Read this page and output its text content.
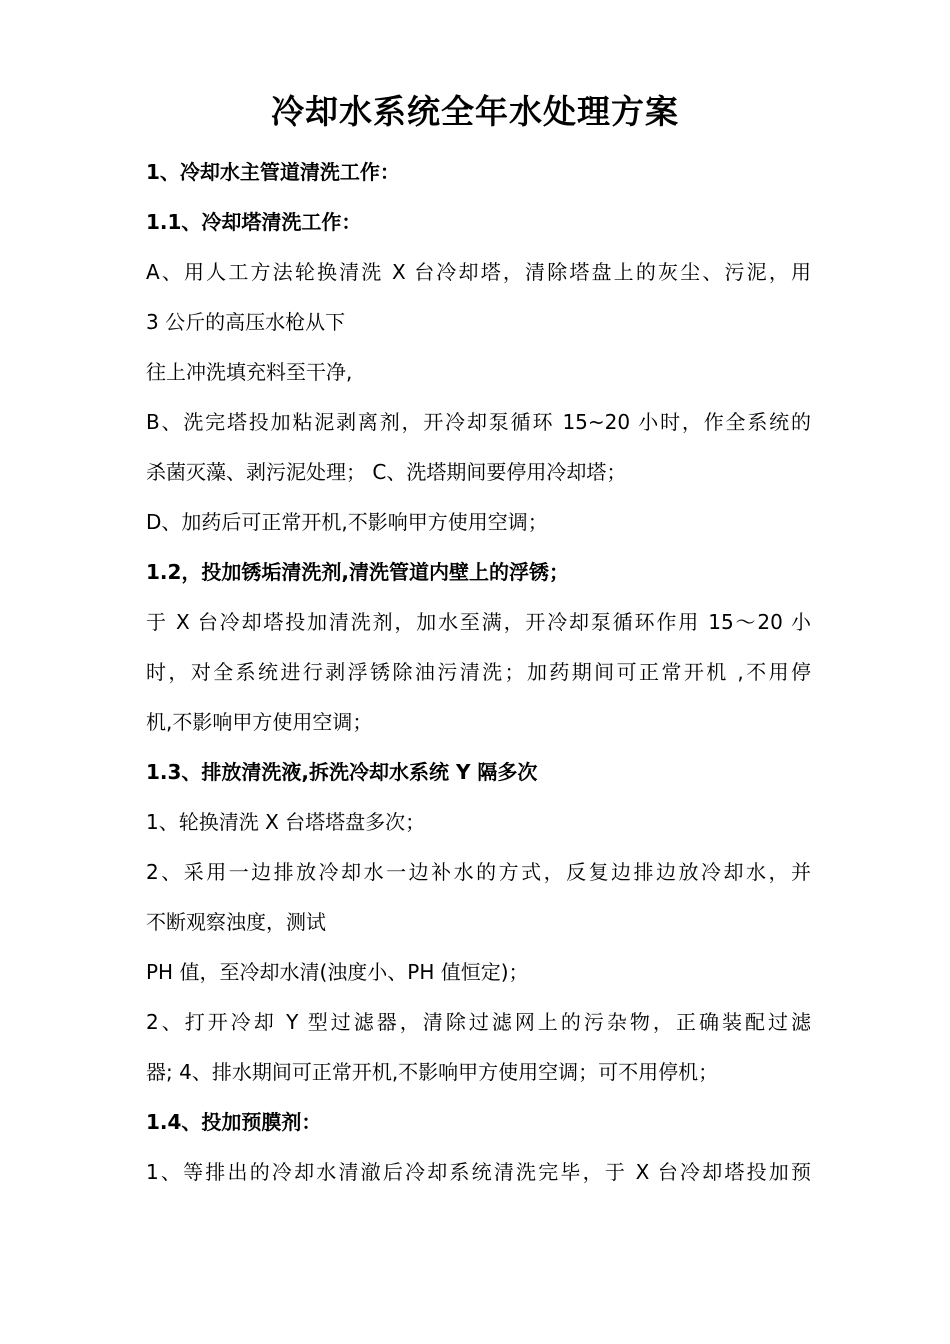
冷却水系统全年水处理方案
1、冷却水主管道清洗工作：
1.1、冷却塔清洗工作：
A、用人工方法轮换清洗 X 台冷却塔，清除塔盘上的灰尘、污泥，用
3 公斤的高压水枪从下
往上冲洗填充料至干净,
B、洗完塔投加粘泥剥离剂，开冷却泵循环 15~20 小时，作全系统的
杀菌灭藻、剥污泥处理； C、洗塔期间要停用冷却塔；
D、加药后可正常开机,不影响甲方使用空调；
1.2，投加锈垢清洗剂,清洗管道内壁上的浮锈；
于 X 台冷却塔投加清洗剂，加水至满，开冷却泵循环作用 15～20 小
时，对全系统进行剥浮锈除油污清洗；加药期间可正常开机 ,不用停
机,不影响甲方使用空调；
1.3、排放清洗液,拆洗冷却水系统 Y 隔多次
1、轮换清洗 X 台塔塔盘多次；
2、采用一边排放冷却水一边补水的方式，反复边排边放冷却水，并
不断观察浊度，测试
PH 值，至冷却水清(浊度小、PH 值恒定)；
2、打开冷却 Y 型过滤器，清除过滤网上的污杂物，正确装配过滤
器; 4、排水期间可正常开机,不影响甲方使用空调；可不用停机；
1.4、投加预膜剂：
1、等排出的冷却水清澈后冷却系统清洗完毕，于 X 台冷却塔投加预
